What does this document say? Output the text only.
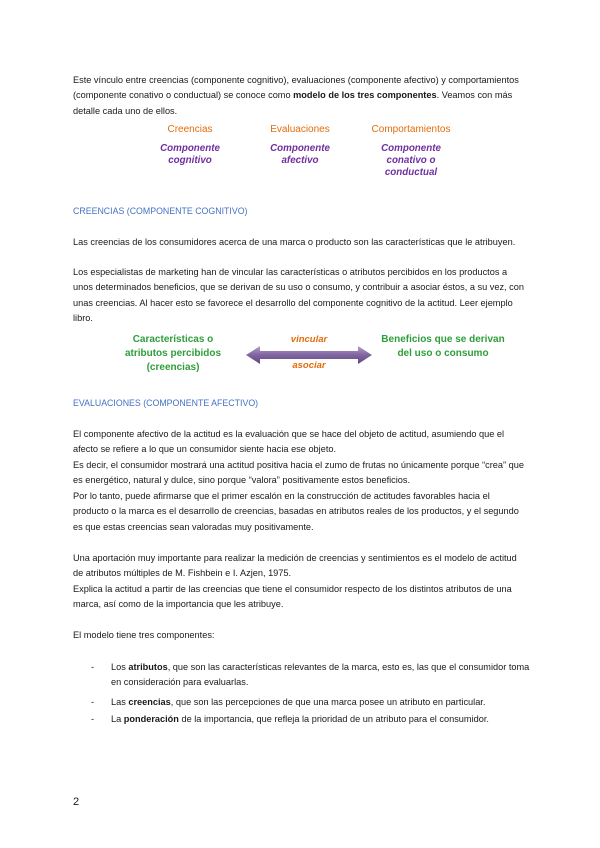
Este vínculo entre creencias (componente cognitivo), evaluaciones (componente afectivo) y comportamientos (componente conativo o conductual) se conoce como modelo de los tres componentes. Veamos con más detalle cada uno de ellos.

Creencias
Componente cognitivo
Evaluaciones
Componente afectivo
Comportamientos
Componente conativo o conductual

CREENCIAS (COMPONENTE COGNITIVO)

Las creencias de los consumidores acerca de una marca o producto son las características que le atribuyen.

Los especialistas de marketing han de vincular las características o atributos percibidos en los productos a unos determinados beneficios, que se derivan de su uso o consumo, y contribuir a asociar éstos, a su vez, con unas creencias. Al hacer esto se favorece el desarrollo del componente cognitivo de la actitud. Leer ejemplo libro.

Características o atributos percibidos (creencias)
vincular
asociar
Beneficios que se derivan del uso o consumo

EVALUACIONES (COMPONENTE AFECTIVO)

El componente afectivo de la actitud es la evaluación que se hace del objeto de actitud, asumiendo que el afecto se refiere a lo que un consumidor siente hacia ese objeto.

Es decir, el consumidor mostrará una actitud positiva hacia el zumo de frutas no únicamente porque “crea” que es energético, natural y dulce, sino porque “valora” positivamente estos beneficios.

Por lo tanto, puede afirmarse que el primer escalón en la construcción de actitudes favorables hacia el producto o la marca es el desarrollo de creencias, basadas en atributos reales de los productos, y el segundo es que estas creencias sean valoradas muy positivamente.

Una aportación muy importante para realizar la medición de creencias y sentimientos es el modelo de actitud de atributos múltiples de M. Fishbein e I. Azjen, 1975.

Explica la actitud a partir de las creencias que tiene el consumidor respecto de los distintos atributos de una marca, así como de la importancia que les atribuye.

El modelo tiene tres componentes:

- Los atributos, que son las características relevantes de la marca, esto es, las que el consumidor toma en consideración para evaluarlas.
- Las creencias, que son las percepciones de que una marca posee un atributo en particular.
- La ponderación de la importancia, que refleja la prioridad de un atributo para el consumidor.
2
